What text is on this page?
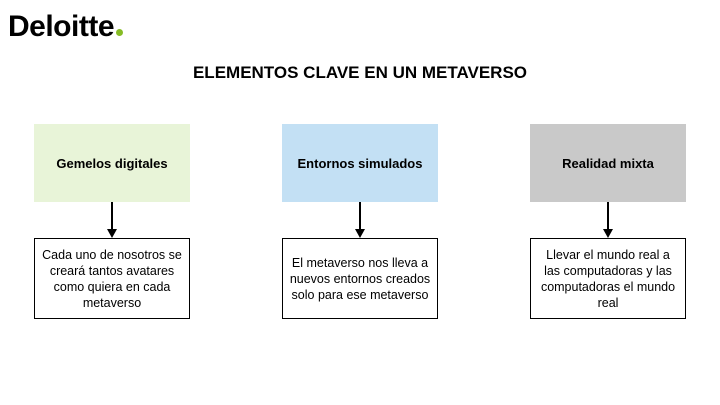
Deloitte
ELEMENTOS CLAVE EN UN METAVERSO
Gemelos digitales
Cada uno de nosotros se creará tantos avatares como quiera en cada metaverso
Entornos simulados
El metaverso nos lleva a nuevos entornos creados solo para ese metaverso
Realidad mixta
Llevar el mundo real a las computadoras y las computadoras el mundo real
